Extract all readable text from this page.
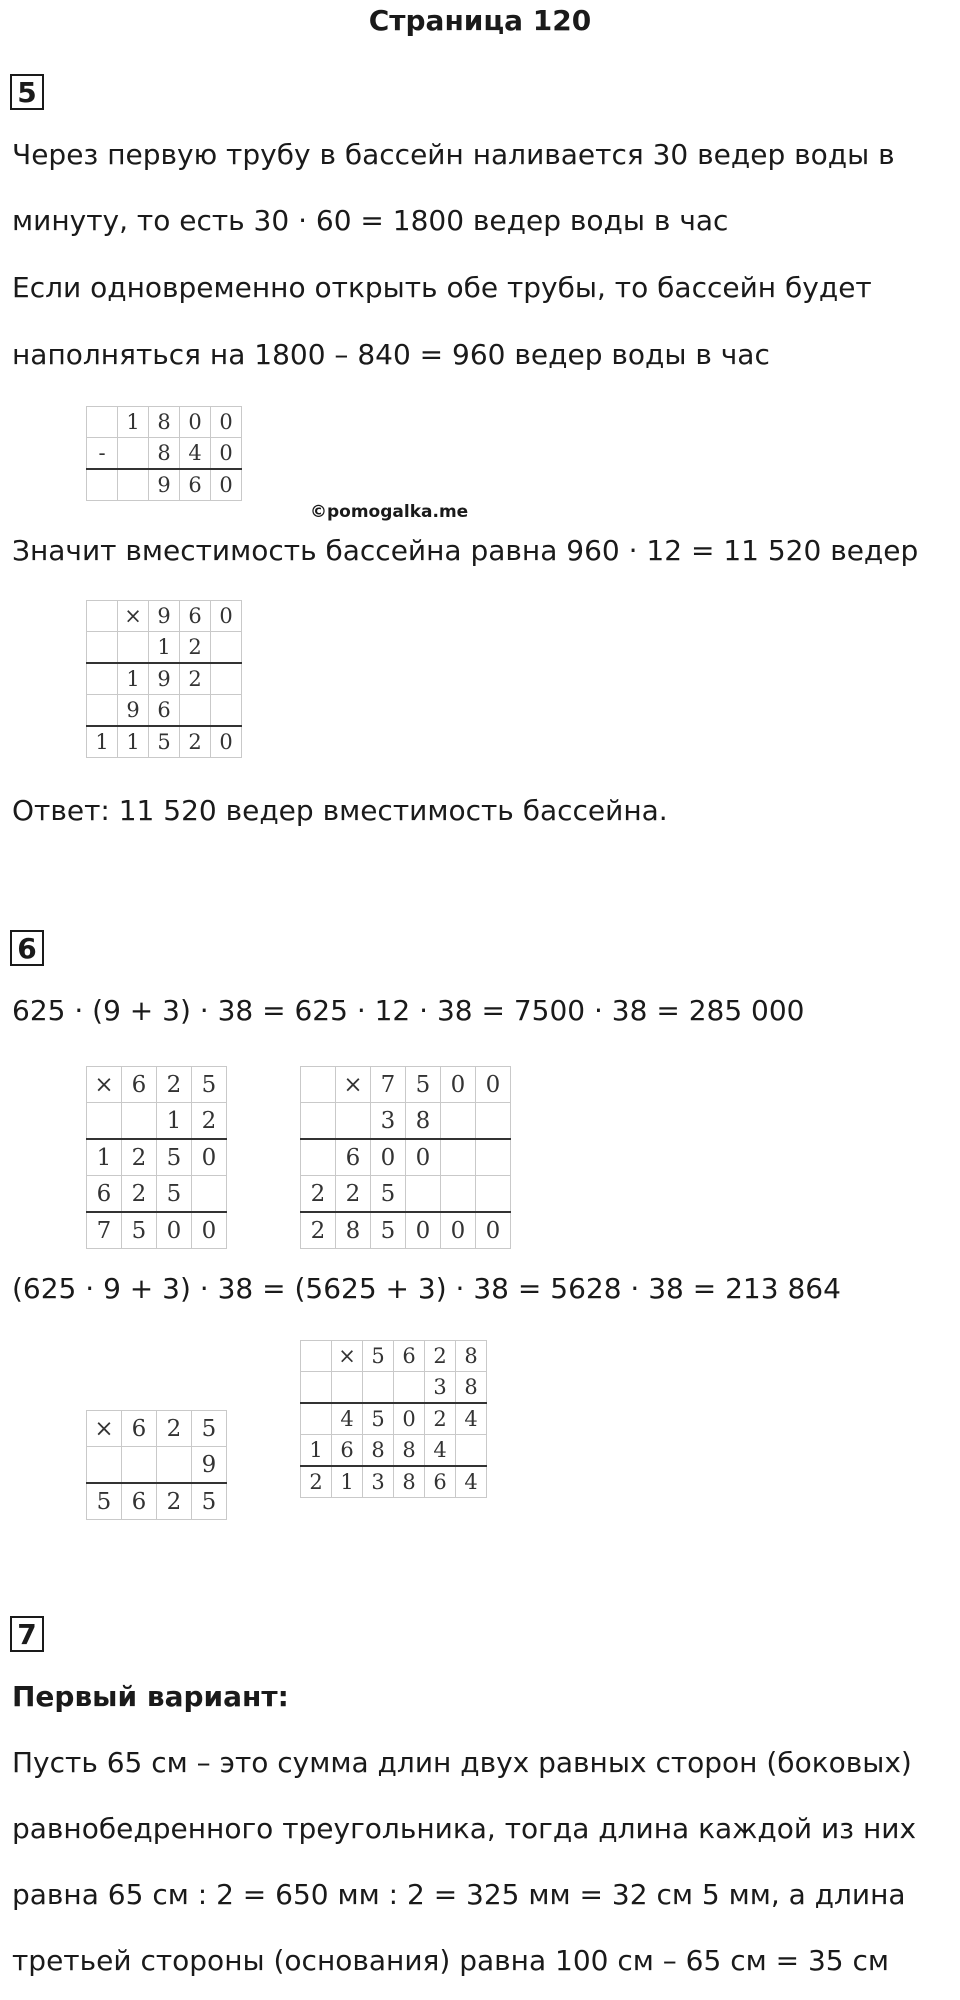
Страница 120
5
Через первую трубу в бассейн наливается 30 ведер воды в
минуту, то есть 30 · 60 = 1800 ведер воды в час
Если одновременно открыть обе трубы, то бассейн будет
наполняться на 1800 – 840 = 960 ведер воды в час
	1	8	0	0
-		8	4	0
		9	6	0
©pomogalka.me
Значит вместимость бассейна равна 960 · 12 = 11 520 ведер
	×	9	6	0
		1	2	
	1	9	2	
	9	6		
1	1	5	2	0
Ответ: 11 520 ведер вместимость бассейна.
6
625 · (9 + 3) · 38 = 625 · 12 · 38 = 7500 · 38 = 285 000
×	6	2	5
		1	2
1	2	5	0
6	2	5	
7	5	0	0
	×	7	5	0	0
		3	8		
	6	0	0		
2	2	5			
2	8	5	0	0	0
(625 · 9 + 3) · 38 = (5625 + 3) · 38 = 5628 · 38 = 213 864
	×	5	6	2	8
				3	8
	4	5	0	2	4
1	6	8	8	4	
2	1	3	8	6	4
×	6	2	5
			9
5	6	2	5
7
Первый вариант:
Пусть 65 см – это сумма длин двух равных сторон (боковых)
равнобедренного треугольника, тогда длина каждой из них
равна 65 см : 2 = 650 мм : 2 = 325 мм = 32 см 5 мм, а длина
третьей стороны (основания) равна 100 см – 65 см = 35 см
